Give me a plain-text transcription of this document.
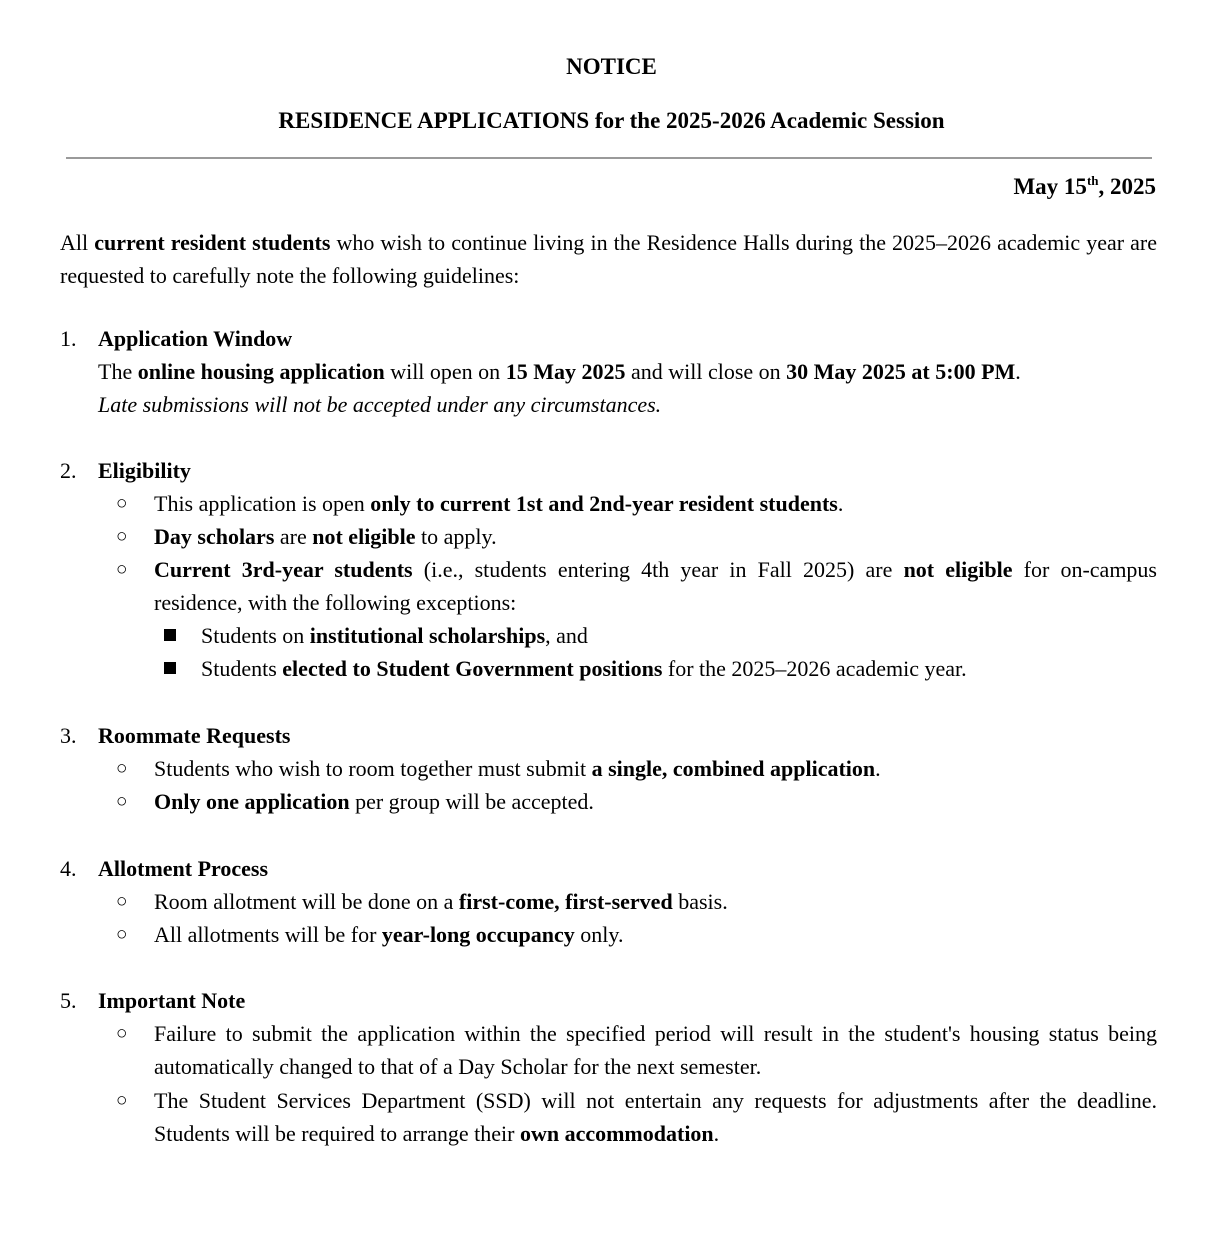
NOTICE
RESIDENCE APPLICATIONS for the 2025-2026 Academic Session
May 15th, 2025
All current resident students who wish to continue living in the Residence Halls during the 2025–2026 academic year are requested to carefully note the following guidelines:
1. Application Window
The online housing application will open on 15 May 2025 and will close on 30 May 2025 at 5:00 PM.
Late submissions will not be accepted under any circumstances.
2. Eligibility
○ This application is open only to current 1st and 2nd-year resident students.
○ Day scholars are not eligible to apply.
○ Current 3rd-year students (i.e., students entering 4th year in Fall 2025) are not eligible for on-campus residence, with the following exceptions:
Students on institutional scholarships, and
Students elected to Student Government positions for the 2025–2026 academic year.
3. Roommate Requests
○ Students who wish to room together must submit a single, combined application.
○ Only one application per group will be accepted.
4. Allotment Process
○ Room allotment will be done on a first-come, first-served basis.
○ All allotments will be for year-long occupancy only.
5. Important Note
○ Failure to submit the application within the specified period will result in the student's housing status being automatically changed to that of a Day Scholar for the next semester.
○ The Student Services Department (SSD) will not entertain any requests for adjustments after the deadline. Students will be required to arrange their own accommodation.
